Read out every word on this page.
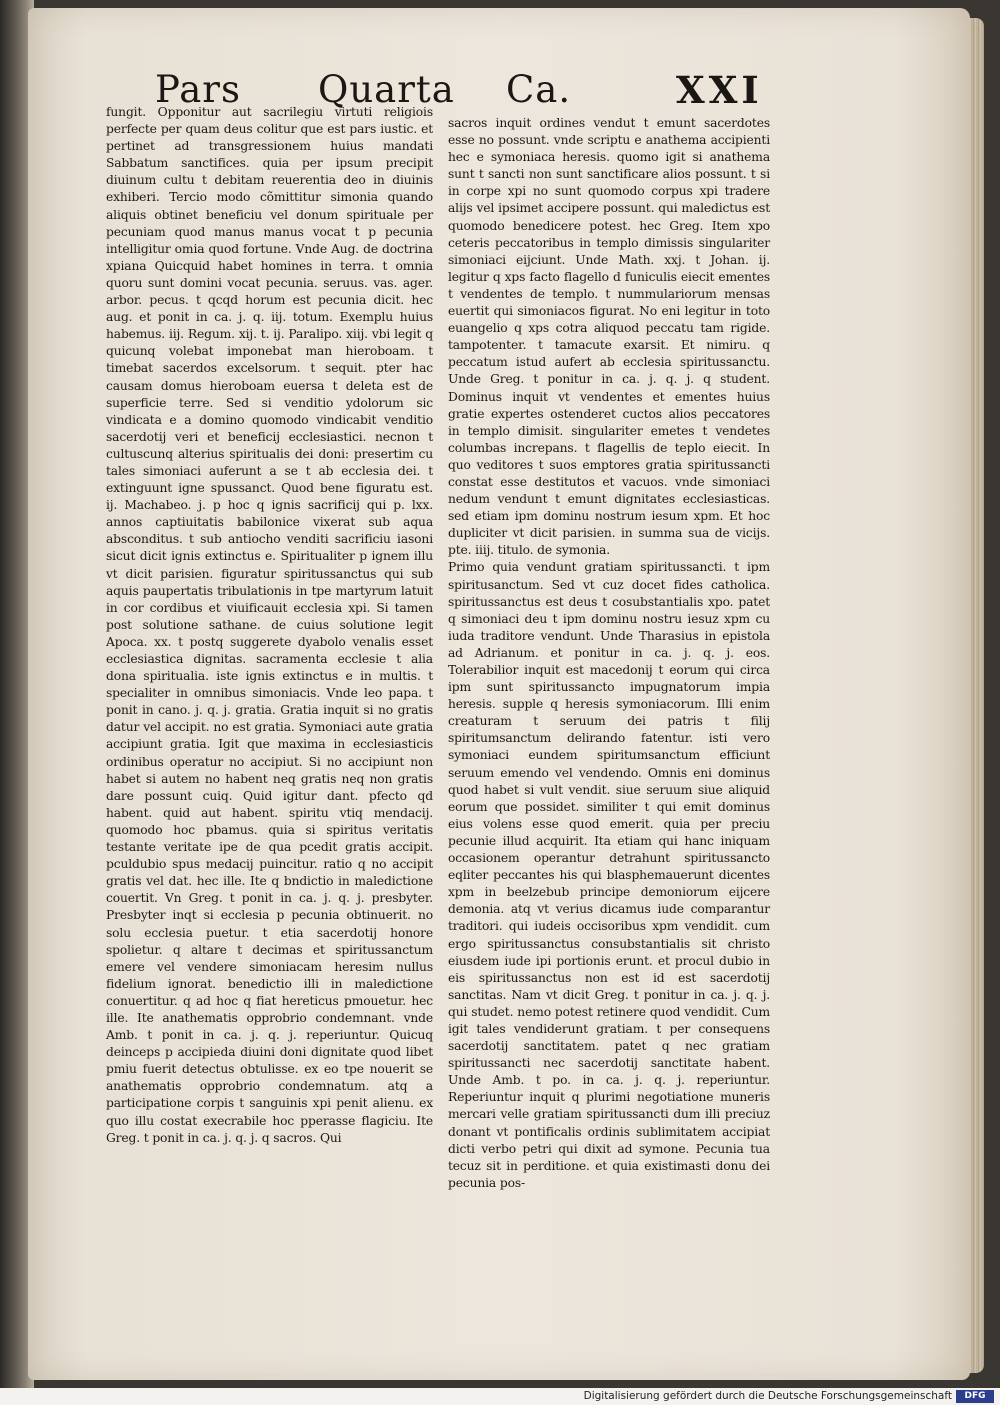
Pars Quarta Ca.	XXI
fungit. Opponitur aut sacrilegiu virtuti religiois perfecte per quam deus colitur que est pars iustic. et pertinet ad transgressionem huius mandati Sabbatum sanctifices. quia per ipsum precipit diuinum cultu t debitam reuerentia deo in diuinis exhiberi. Tercio modo cõmittitur simonia quando aliquis obtinet beneficiu vel donum spirituale per pecuniam quod manus manus vocat t p pecunia intelligitur omia quod fortune. Vnde Aug. de doctrina xpiana Quicquid habet homines in terra. t omnia quoru sunt domini vocat pecunia. seruus. vas. ager. arbor. pecus. t qcqd horum est pecunia dicit. hec aug. et ponit in ca. j. q. iij. totum. Exemplu huius habemus. iij. Regum. xij. t. ij. Paralipo. xiij. vbi legit q quicunq volebat imponebat man hieroboam. t timebat sacerdos excelsorum. t sequit. pter hac causam domus hieroboam euersa t deleta est de superficie terre. Sed si venditio ydolorum sic vindicata e a domino quomodo vindicabit venditio sacerdotij veri et beneficij ecclesiastici. necnon t cultuscunq alterius spiritualis dei doni: presertim cu tales simoniaci auferunt a se t ab ecclesia dei. t extinguunt igne spussanct. Quod bene figuratu est. ij. Machabeo. j. p hoc q ignis sacrificij qui p. lxx. annos captiuitatis babilonice vixerat sub aqua absconditus. t sub antiocho venditi sacrificiu iasoni sicut dicit ignis extinctus e. Spiritualiter p ignem illu vt dicit parisien. figuratur spiritussanctus qui sub aquis paupertatis tribulationis in tpe martyrum latuit in cor cordibus et viuificauit ecclesia xpi. Si tamen post solutione sathane. de cuius solutione legit Apoca. xx. t postq suggerete dyabolo venalis esset ecclesiastica dignitas. sacramenta ecclesie t alia dona spiritualia. iste ignis extinctus e in multis. t specialiter in omnibus simoniacis. Vnde leo papa. t ponit in cano. j. q. j. gratia. Gratia inquit si no gratis datur vel accipit. no est gratia. Symoniaci aute gratia accipiunt gratia. Igit que maxima in ecclesiasticis ordinibus operatur no accipiut. Si no accipiunt non habet si autem no habent neq gratis neq non gratis dare possunt cuiq. Quid igitur dant. pfecto qd habent. quid aut habent. spiritu vtiq mendacij. quomodo hoc pbamus. quia si spiritus veritatis testante veritate ipe de qua pcedit gratis accipit. pculdubio spus medacij puincitur. ratio q no accipit gratis vel dat. hec ille. Ite q bndictio in maledictione couertit. Vn Greg. t ponit in ca. j. q. j. presbyter. Presbyter inqt si ecclesia p pecunia obtinuerit. no solu ecclesia puetur. t etia sacerdotij honore spolietur. q altare t decimas et spiritussanctum emere vel vendere simoniacam heresim nullus fidelium ignorat. benedictio illi in maledictione conuertitur. q ad hoc q fiat hereticus pmouetur. hec ille. Ite anathematis opprobrio condemnant. vnde Amb. t ponit in ca. j. q. j. reperiuntur. Quicuq deinceps p accipieda diuini doni dignitate quod libet pmiu fuerit detectus obtulisse. ex eo tpe nouerit se anathematis opprobrio condemnatum. atq a participatione corpis t sanguinis xpi penit alienu. ex quo illu costat execrabile hoc pperasse flagiciu. Ite Greg. t ponit in ca. j. q. j. q sacros. Qui
sacros inquit ordines vendut t emunt sacerdotes esse no possunt. vnde scriptu e anathema accipienti hec e symoniaca heresis. quomo igit si anathema sunt t sancti non sunt sanctificare alios possunt. t si in corpe xpi no sunt quomodo corpus xpi tradere alijs vel ipsimet accipere possunt. qui maledictus est quomodo benedicere potest. hec Greg. Item xpo ceteris peccatoribus in templo dimissis singulariter simoniaci eijciunt. Unde Math. xxj. t Johan. ij. legitur q xps facto flagello d funiculis eiecit ementes t vendentes de templo. t nummulariorum mensas euertit qui simoniacos figurat. No eni legitur in toto euangelio q xps cotra aliquod peccatu tam rigide. tampotenter. t tamacute exarsit. Et nimiru. q peccatum istud aufert ab ecclesia spiritussanctu. Unde Greg. t ponitur in ca. j. q. j. q student. Dominus inquit vt vendentes et ementes huius gratie expertes ostenderet cuctos alios peccatores in templo dimisit. singulariter emetes t vendetes columbas increpans. t flagellis de teplo eiecit. In quo veditores t suos emptores gratia spiritussancti constat esse destitutos et vacuos. vnde simoniaci nedum vendunt t emunt dignitates ecclesiasticas. sed etiam ipm dominu nostrum iesum xpm. Et hoc dupliciter vt dicit parisien. in summa sua de vicijs. pte. iiij. titulo. de symonia.
Primo quia vendunt gratiam spiritussancti. t ipm spiritusanctum. Sed vt cuz docet fides catholica. spiritussanctus est deus t cosubstantialis xpo. patet q simoniaci deu t ipm dominu nostru iesuz xpm cu iuda traditore vendunt. Unde Tharasius in epistola ad Adrianum. et ponitur in ca. j. q. j. eos. Tolerabilior inquit est macedonij t eorum qui circa ipm sunt spiritussancto impugnatorum impia heresis. supple q heresis symoniacorum. Illi enim creaturam t seruum dei patris t filij spiritumsanctum delirando fatentur. isti vero symoniaci eundem spiritumsanctum efficiunt seruum emendo vel vendendo. Omnis eni dominus quod habet si vult vendit. siue seruum siue aliquid eorum que possidet. similiter t qui emit dominus eius volens esse quod emerit. quia per preciu pecunie illud acquirit. Ita etiam qui hanc iniquam occasionem operantur detrahunt spiritussancto eqliter peccantes his qui blasphemauerunt dicentes xpm in beelzebub principe demoniorum eijcere demonia. atq vt verius dicamus iude comparantur traditori. qui iudeis occisoribus xpm vendidit. cum ergo spiritussanctus consubstantialis sit christo eiusdem iude ipi portionis erunt. et procul dubio in eis spiritussanctus non est id est sacerdotij sanctitas. Nam vt dicit Greg. t ponitur in ca. j. q. j. qui studet. nemo potest retinere quod vendidit. Cum igit tales vendiderunt gratiam. t per consequens sacerdotij sanctitatem. patet q nec gratiam spiritussancti nec sacerdotij sanctitate habent. Unde Amb. t po. in ca. j. q. j. reperiuntur. Reperiuntur inquit q plurimi negotiatione muneris mercari velle gratiam spiritussancti dum illi preciuz donant vt pontificalis ordinis sublimitatem accipiat dicti verbo petri qui dixit ad symone. Pecunia tua tecuz sit in perditione. et quia existimasti donu dei pecunia pos-
Digitalisierung gefördert durch die Deutsche Forschungsgemeinschaft	DFG
